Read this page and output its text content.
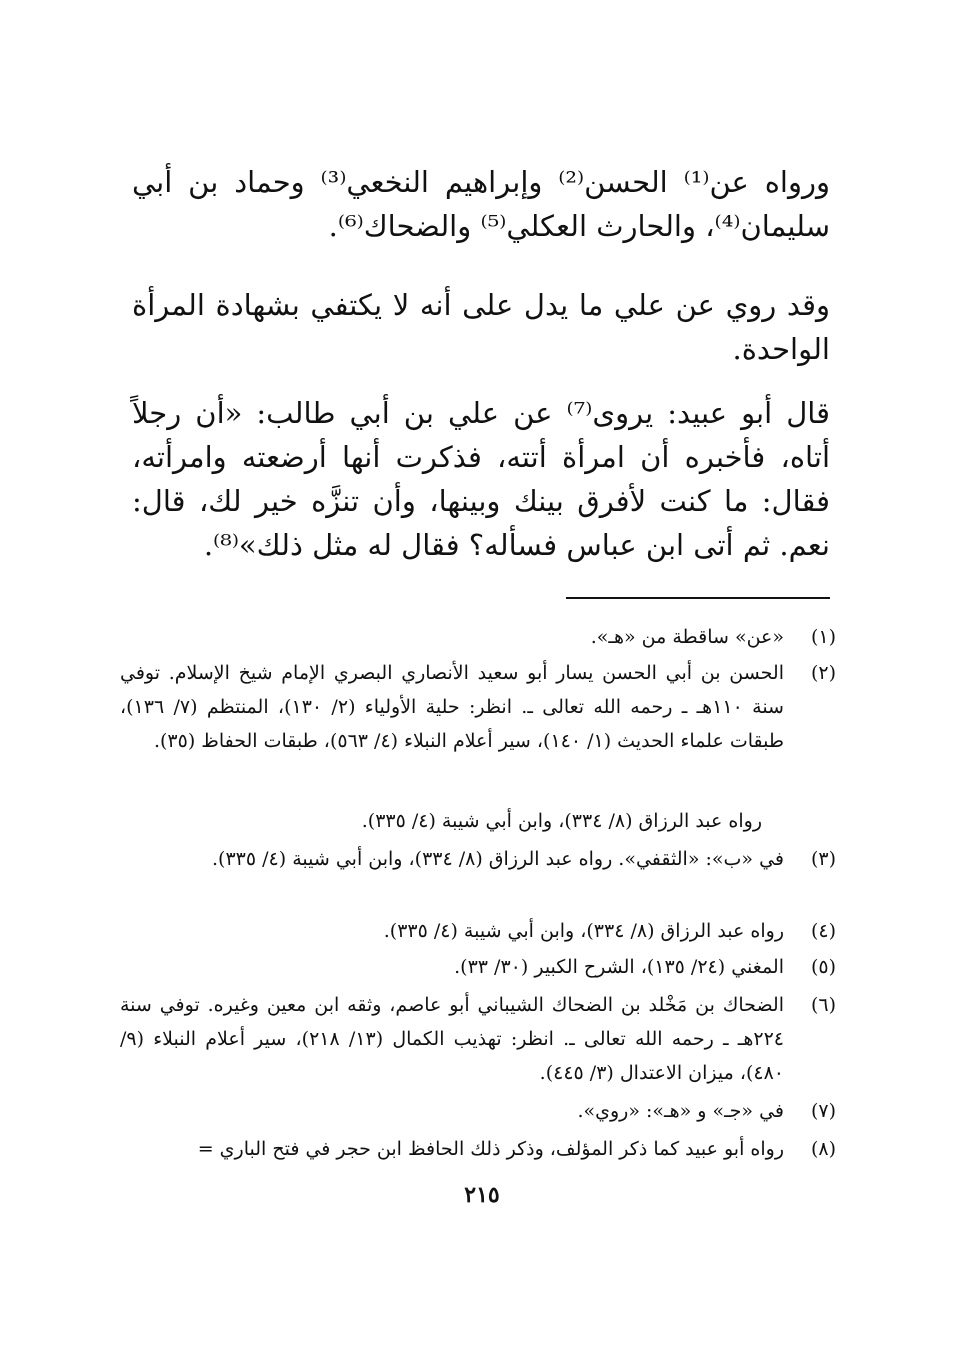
ورواه عن⁽¹⁾ الحسن⁽²⁾ وإبراهيم النخعي⁽³⁾ وحماد بن أبي سليمان⁽⁴⁾، والحارث العكلي⁽⁵⁾ والضحاك⁽⁶⁾.
وقد روي عن علي ما يدل على أنه لا يكتفي بشهادة المرأة الواحدة.
قال أبو عبيد: يروى⁽⁷⁾ عن علي بن أبي طالب: «أن رجلاً أتاه، فأخبره أن امرأة أتته، فذكرت أنها أرضعته وامرأته، فقال: ما كنت لأفرق بينك وبينها، وأن تنزَّه خير لك، قال: نعم. ثم أتى ابن عباس فسأله؟ فقال له مثل ذلك»⁽⁸⁾.
(١)
«عن» ساقطة من «هـ».
(٢)
الحسن بن أبي الحسن يسار أبو سعيد الأنصاري البصري الإمام شيخ الإسلام. توفي سنة ١١٠هـ ـ رحمه الله تعالى ـ. انظر: حلية الأولياء (٢/ ١٣٠)، المنتظم (٧/ ١٣٦)، طبقات علماء الحديث (١/ ١٤٠)، سير أعلام النبلاء (٤/ ٥٦٣)، طبقات الحفاظ (٣٥).
رواه عبد الرزاق (٨/ ٣٣٤)، وابن أبي شيبة (٤/ ٣٣٥).
(٣)
في «ب»: «الثقفي». رواه عبد الرزاق (٨/ ٣٣٤)، وابن أبي شيبة (٤/ ٣٣٥).
(٤)
رواه عبد الرزاق (٨/ ٣٣٤)، وابن أبي شيبة (٤/ ٣٣٥).
(٥)
المغني (٢٤/ ١٣٥)، الشرح الكبير (٣٠/ ٣٣).
(٦)
الضحاك بن مَخْلد بن الضحاك الشيباني أبو عاصم، وثقه ابن معين وغيره. توفي سنة ٢٢٤هـ ـ رحمه الله تعالى ـ. انظر: تهذيب الكمال (١٣/ ٢١٨)، سير أعلام النبلاء (٩/ ٤٨٠)، ميزان الاعتدال (٣/ ٤٤٥).
(٧)
في «جـ» و «هـ»: «روي».
(٨)
رواه أبو عبيد كما ذكر المؤلف، وذكر ذلك الحافظ ابن حجر في فتح الباري =
٢١٥
